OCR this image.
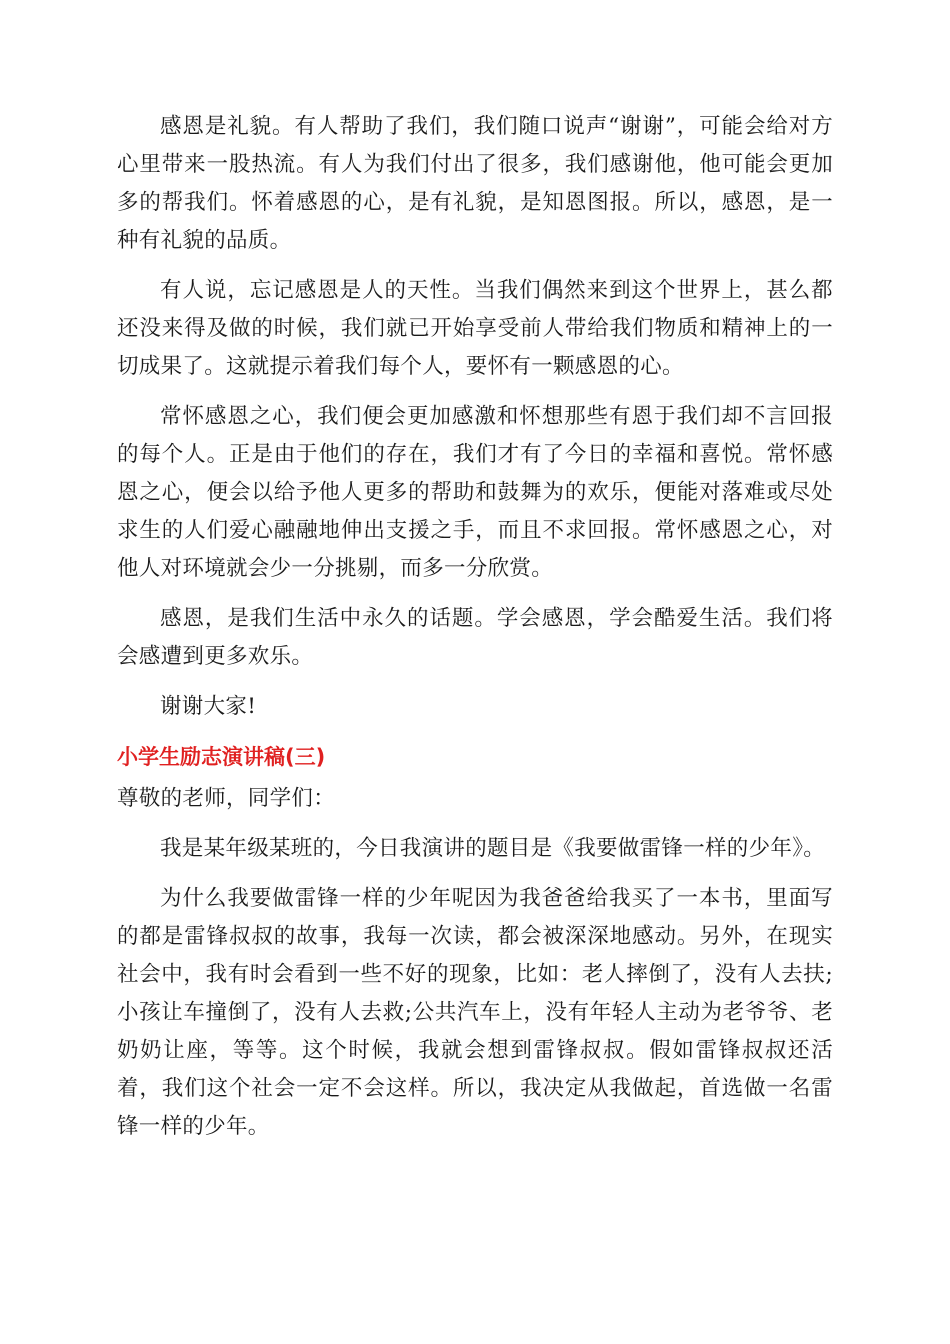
感恩是礼貌。有人帮助了我们，我们随口说声“谢谢”，可能会给对方心里带来一股热流。有人为我们付出了很多，我们感谢他，他可能会更加多的帮我们。怀着感恩的心，是有礼貌，是知恩图报。所以，感恩，是一种有礼貌的品质。

有人说，忘记感恩是人的天性。当我们偶然来到这个世界上，甚么都还没来得及做的时候，我们就已开始享受前人带给我们物质和精神上的一切成果了。这就提示着我们每个人，要怀有一颗感恩的心。

常怀感恩之心，我们便会更加感激和怀想那些有恩于我们却不言回报的每个人。正是由于他们的存在，我们才有了今日的幸福和喜悦。常怀感恩之心，便会以给予他人更多的帮助和鼓舞为的欢乐，便能对落难或尽处求生的人们爱心融融地伸出支援之手，而且不求回报。常怀感恩之心，对他人对环境就会少一分挑剔，而多一分欣赏。

感恩，是我们生活中永久的话题。学会感恩，学会酷爱生活。我们将会感遭到更多欢乐。

谢谢大家!

小学生励志演讲稿(三)

尊敬的老师，同学们：

我是某年级某班的，今日我演讲的题目是《我要做雷锋一样的少年》。

为什么我要做雷锋一样的少年呢因为我爸爸给我买了一本书，里面写的都是雷锋叔叔的故事，我每一次读，都会被深深地感动。另外，在现实社会中，我有时会看到一些不好的现象，比如：老人摔倒了，没有人去扶;小孩让车撞倒了，没有人去救;公共汽车上，没有年轻人主动为老爷爷、老奶奶让座，等等。这个时候，我就会想到雷锋叔叔。假如雷锋叔叔还活着，我们这个社会一定不会这样。所以，我决定从我做起，首选做一名雷锋一样的少年。
